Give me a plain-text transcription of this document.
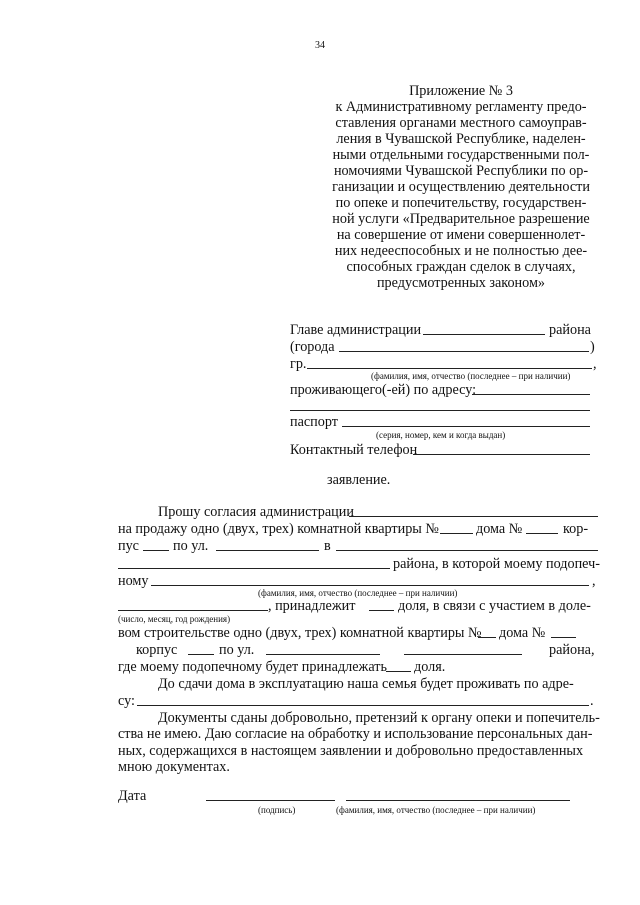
34
Приложение № 3
к Административному регламенту предо-
ставления органами местного самоуправ-
ления в Чувашской Республике, наделен-
ными отдельными государственными пол-
номочиями Чувашской Республики по ор-
ганизации и осуществлению деятельности
по опеке и попечительству, государствен-
ной услуги «Предварительное разрешение
на совершение от имени совершеннолет-
них недееспособных и не полностью дее-
способных граждан сделок в случаях,
предусмотренных законом»
Главе администрации	района
(города	)
гр.	,
(фамилия, имя, отчество (последнее – при наличии)
проживающего(-ей) по адресу:
паспорт
(серия, номер, кем и когда выдан)
Контактный телефон
заявление.
Прошу согласия администрации
на продажу одно (двух, трех) комнатной квартиры №	дома №	кор-
пус по ул.	в
района, в которой моему подопеч-
ному	,
(фамилия, имя, отчество (последнее – при наличии)
, принадлежит	доля, в связи с участием в доле-
(число, месяц, год рождения)
вом строительстве одно (двух, трех) комнатной квартиры № дома №
корпус	по ул.	района,
где моему подопечному будет принадлежать доля.
До сдачи дома в эксплуатацию наша семья будет проживать по адре-
су:	.
Документы сданы добровольно, претензий к органу опеки и попечитель-
ства не имею. Даю согласие на обработку и использование персональных дан-
ных, содержащихся в настоящем заявлении и добровольно предоставленных
мною документах.
Дата
(подпись)	(фамилия, имя, отчество (последнее – при наличии)
